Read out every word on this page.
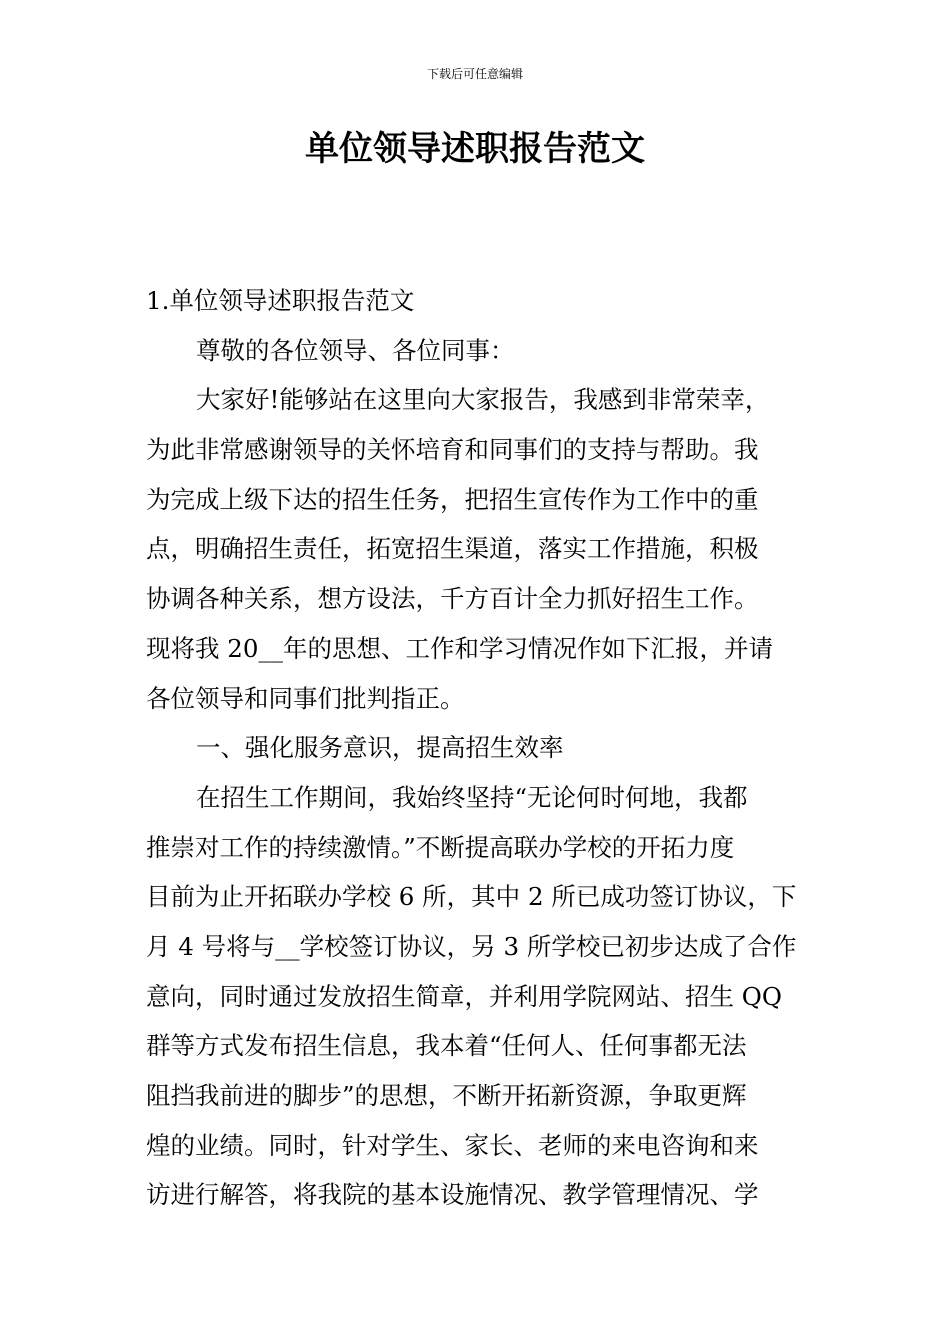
下载后可任意编辑
单位领导述职报告范文
1.单位领导述职报告范文
尊敬的各位领导、各位同事：
大家好!能够站在这里向大家报告，我感到非常荣幸，
为此非常感谢领导的关怀培育和同事们的支持与帮助。我
为完成上级下达的招生任务，把招生宣传作为工作中的重
点，明确招生责任，拓宽招生渠道，落实工作措施，积极
协调各种关系，想方设法，千方百计全力抓好招生工作。
现将我 20__年的思想、工作和学习情况作如下汇报，并请
各位领导和同事们批判指正。
一、强化服务意识，提高招生效率
在招生工作期间，我始终坚持“无论何时何地，我都
推崇对工作的持续激情。”不断提高联办学校的开拓力度
目前为止开拓联办学校 6 所，其中 2 所已成功签订协议，下
月 4 号将与__学校签订协议，另 3 所学校已初步达成了合作
意向，同时通过发放招生简章，并利用学院网站、招生 QQ
群等方式发布招生信息，我本着“任何人、任何事都无法
阻挡我前进的脚步”的思想，不断开拓新资源，争取更辉
煌的业绩。同时，针对学生、家长、老师的来电咨询和来
访进行解答，将我院的基本设施情况、教学管理情况、学
